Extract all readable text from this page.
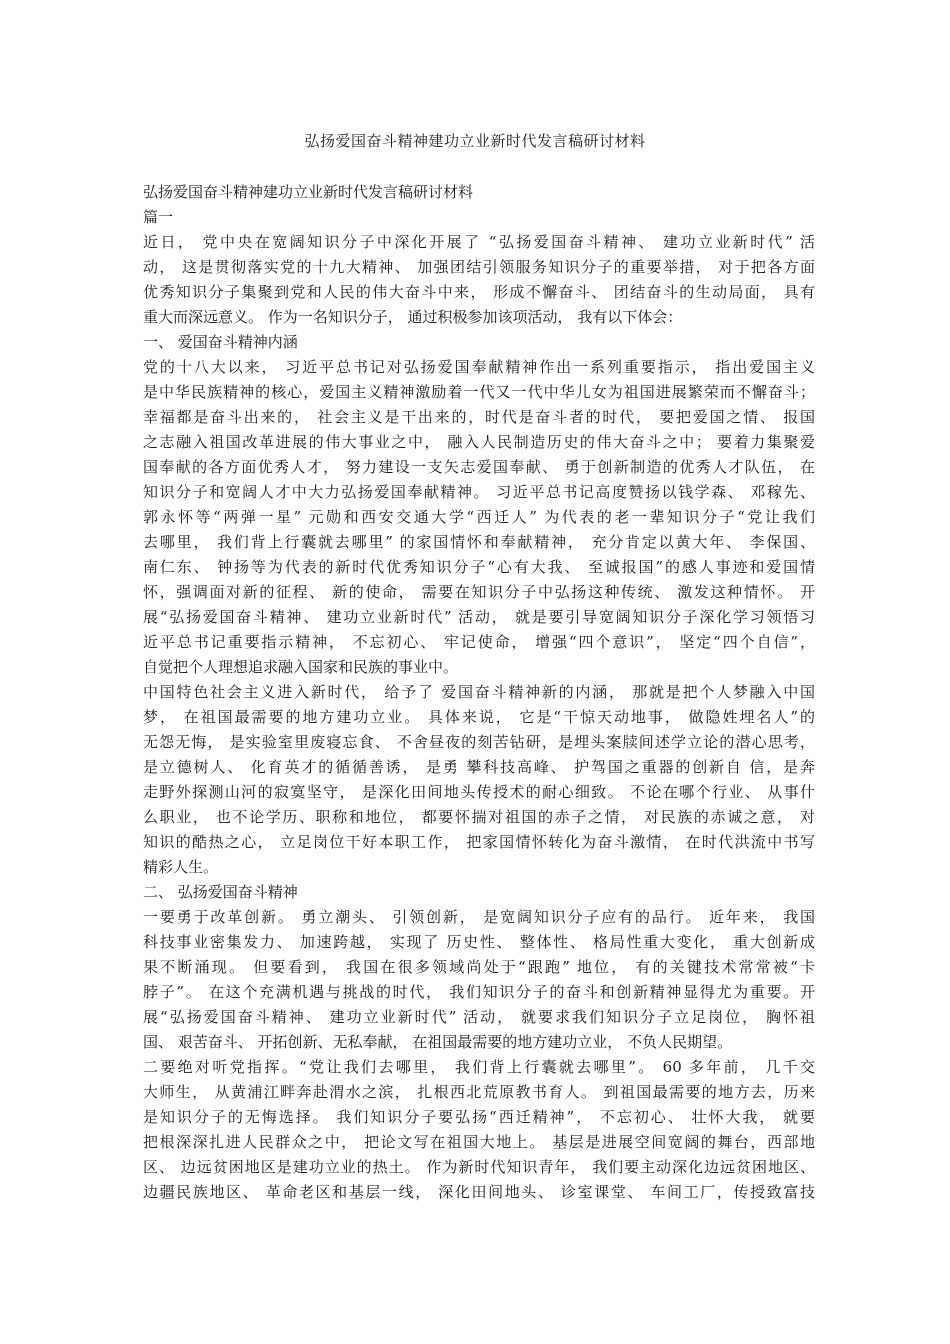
弘扬爱国奋斗精神建功立业新时代发言稿研讨材料
弘扬爱国奋斗精神建功立业新时代发言稿研讨材料
篇一
近日， 党中央在宽阔知识分子中深化开展了 “弘扬爱国奋斗精神、 建功立业新时代” 活
动， 这是贯彻落实党的十九大精神、 加强团结引领服务知识分子的重要举措， 对于把各方面
优秀知识分子集聚到党和人民的伟大奋斗中来， 形成不懈奋斗、 团结奋斗的生动局面， 具有
重大而深远意义。 作为一名知识分子， 通过积极参加该项活动， 我有以下体会：
一、 爱国奋斗精神内涵
党的十八大以来， 习近平总书记对弘扬爱国奉献精神作出一系列重要指示， 指出爱国主义
是中华民族精神的核心，爱国主义精神激励着一代又一代中华儿女为祖国进展繁荣而不懈奋斗；
幸福都是奋斗出来的， 社会主义是干出来的，时代是奋斗者的时代， 要把爱国之情、 报国
之志融入祖国改革进展的伟大事业之中， 融入人民制造历史的伟大奋斗之中； 要着力集聚爱
国奉献的各方面优秀人才， 努力建设一支矢志爱国奉献、 勇于创新制造的优秀人才队伍， 在
知识分子和宽阔人才中大力弘扬爱国奉献精神。 习近平总书记高度赞扬以钱学森、 邓稼先、
郭永怀等“两弹一星” 元勋和西安交通大学“西迁人” 为代表的老一辈知识分子“党让我们
去哪里， 我们背上行囊就去哪里” 的家国情怀和奉献精神， 充分肯定以黄大年、 李保国、
南仁东、 钟扬等为代表的新时代优秀知识分子“心有大我、 至诚报国”的感人事迹和爱国情
怀，强调面对新的征程、 新的使命， 需要在知识分子中弘扬这种传统、 激发这种情怀。 开
展“弘扬爱国奋斗精神、 建功立业新时代” 活动， 就是要引导宽阔知识分子深化学习领悟习
近平总书记重要指示精神， 不忘初心、 牢记使命， 增强“四个意识”， 坚定“四个自信”，
自觉把个人理想追求融入国家和民族的事业中。
中国特色社会主义进入新时代， 给予了 爱国奋斗精神新的内涵， 那就是把个人梦融入中国
梦， 在祖国最需要的地方建功立业。 具体来说， 它是“干惊天动地事， 做隐姓埋名人”的
无怨无悔， 是实验室里废寝忘食、 不舍昼夜的刻苦钻研，是埋头案牍间述学立论的潜心思考，
是立德树人、 化育英才的循循善诱， 是勇 攀科技高峰、 护驾国之重器的创新自 信，是奔
走野外探测山河的寂寞坚守， 是深化田间地头传授术的耐心细致。 不论在哪个行业、 从事什
么职业， 也不论学历、职称和地位， 都要怀揣对祖国的赤子之情， 对民族的赤诚之意， 对
知识的酷热之心， 立足岗位干好本职工作， 把家国情怀转化为奋斗激情， 在时代洪流中书写
精彩人生。
二、 弘扬爱国奋斗精神
一要勇于改革创新。 勇立潮头、 引领创新， 是宽阔知识分子应有的品行。 近年来， 我国
科技事业密集发力、 加速跨越， 实现了 历史性、 整体性、 格局性重大变化， 重大创新成
果不断涌现。 但要看到， 我国在很多领域尚处于“跟跑” 地位， 有的关键技术常常被“卡
脖子”。 在这个充满机遇与挑战的时代， 我们知识分子的奋斗和创新精神显得尤为重要。开
展“弘扬爱国奋斗精神、 建功立业新时代” 活动， 就要求我们知识分子立足岗位， 胸怀祖
国、 艰苦奋斗、 开拓创新、无私奉献， 在祖国最需要的地方建功立业， 不负人民期望。
二要绝对听党指挥。“党让我们去哪里， 我们背上行囊就去哪里”。 60 多年前， 几千交
大师生， 从黄浦江畔奔赴渭水之滨， 扎根西北荒原教书育人。 到祖国最需要的地方去，历来
是知识分子的无悔选择。 我们知识分子要弘扬“西迁精神”， 不忘初心、 壮怀大我， 就要
把根深深扎进人民群众之中， 把论文写在祖国大地上。 基层是进展空间宽阔的舞台，西部地
区、 边远贫困地区是建功立业的热土。 作为新时代知识青年， 我们要主动深化边远贫困地区、
边疆民族地区、 革命老区和基层一线， 深化田间地头、 诊室课堂、 车间工厂，传授致富技
